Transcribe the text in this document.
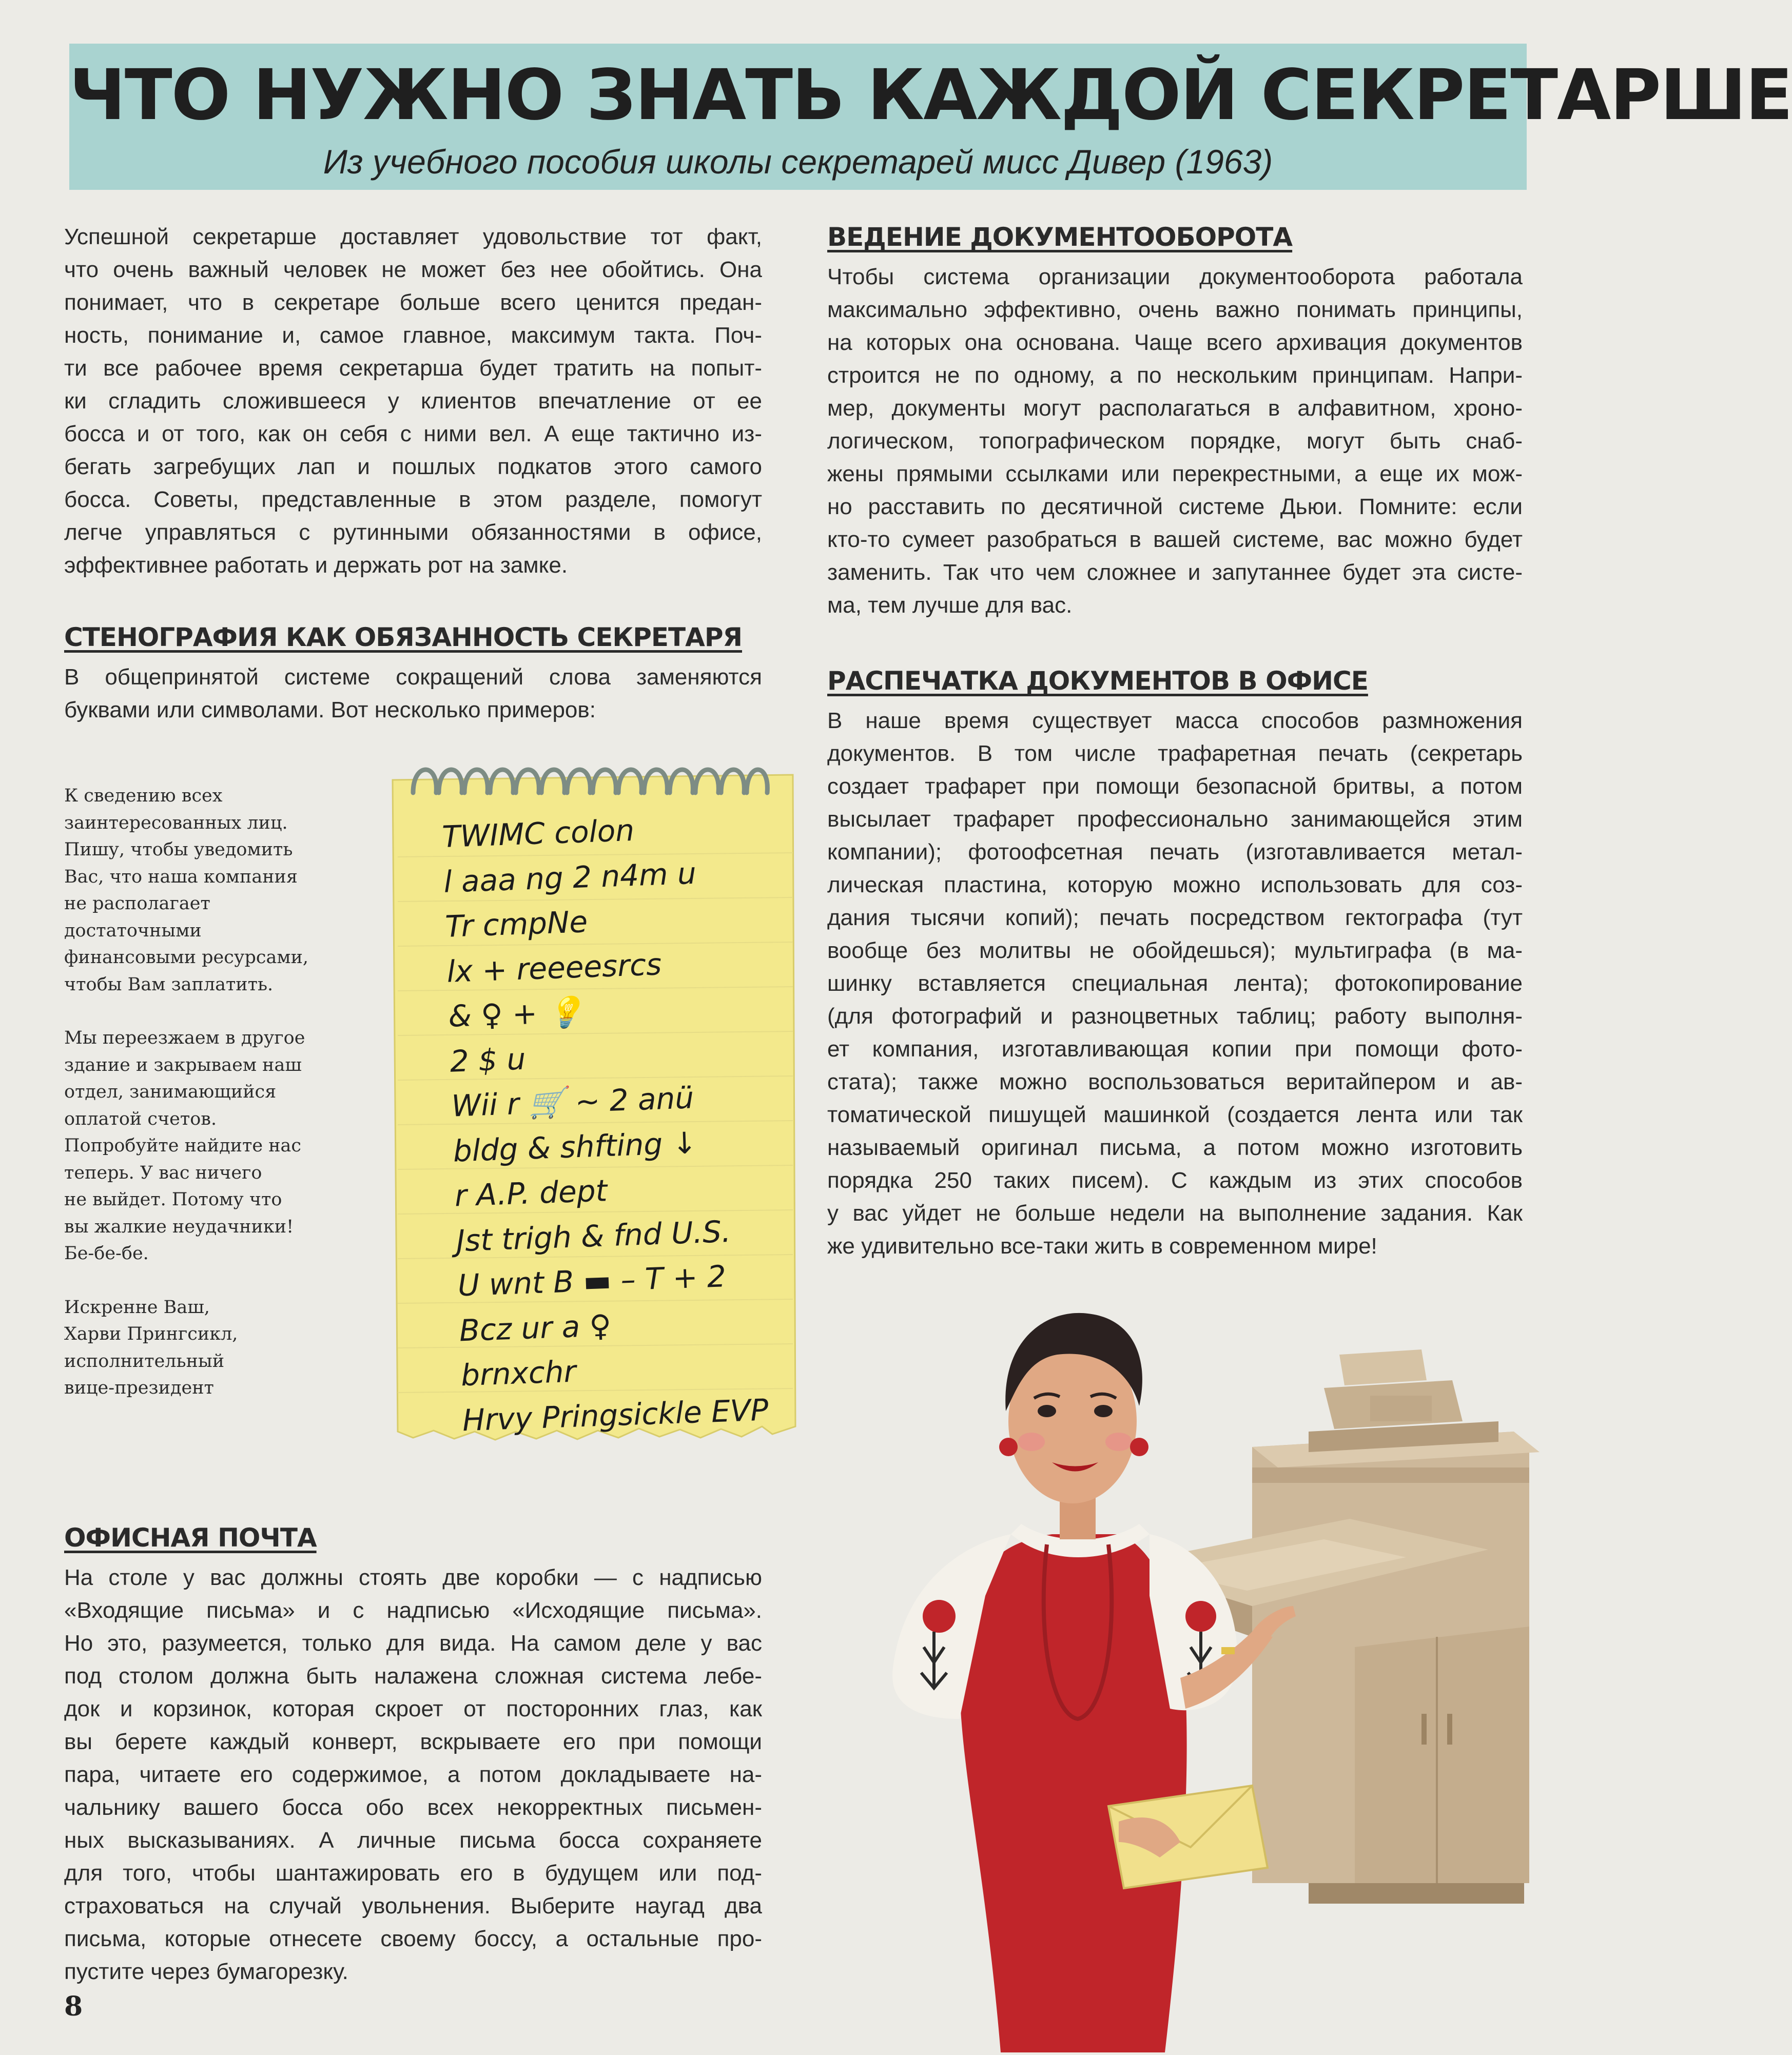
ЧТО НУЖНО ЗНАТЬ КАЖДОЙ СЕКРЕТАРШЕ
Из учебного пособия школы секретарей мисс Дивер (1963)
Успешной секретарше доставляет удовольствие тот факт,
что очень важный человек не может без нее обойтись. Она
понимает, что в секретаре больше всего ценится предан-
ность, понимание и, самое главное, максимум такта. Поч-
ти все рабочее время секретарша будет тратить на попыт-
ки сгладить сложившееся у клиентов впечатление от ее
босса и от того, как он себя с ними вел. А еще тактично из-
бегать загребущих лап и пошлых подкатов этого самого
босса. Советы, представленные в этом разделе, помогут
легче управляться с рутинными обязанностями в офисе,
эффективнее работать и держать рот на замке.
СТЕНОГРАФИЯ КАК ОБЯЗАННОСТЬ СЕКРЕТАРЯ
В общепринятой системе сокращений слова заменяются
буквами или символами. Вот несколько примеров:

К сведению всех
заинтересованных лиц.
Пишу, чтобы уведомить
Вас, что наша компания
не располагает
достаточными
финансовыми ресурсами,
чтобы Вам заплатить.

Мы переезжаем в другое
здание и закрываем наш
отдел, занимающийся
оплатой счетов.
Попробуйте найдите нас
теперь. У вас ничего
не выйдет. Потому что
вы жалкие неудачники!
Бе-бе-бе.

Искренне Ваш,
Харви Прингсикл,
исполнительный
вице-президент

TWIMC colon
l aaa ng 2 n4m u
Tr cmpNe
lx + reeeesrcs
& ♀ + 💡
2 $ u
Wii r 🛒 ~ 2 anü
bldg & shfting ↓
r A.P. dept
Jst trigh & fnd U.S.
U wnt B ▬ – T + 2
Bcz ur a ♀
brnxchr
Hrvy Pringsickle EVP
ОФИСНАЯ ПОЧТА
На столе у вас должны стоять две коробки — с надписью
«Входящие письма» и с надписью «Исходящие письма».
Но это, разумеется, только для вида. На самом деле у вас
под столом должна быть налажена сложная система лебе-
док и корзинок, которая скроет от посторонних глаз, как
вы берете каждый конверт, вскрываете его при помощи
пара, читаете его содержимое, а потом докладываете на-
чальнику вашего босса обо всех некорректных письмен-
ных высказываниях. А личные письма босса сохраняете
для того, чтобы шантажировать его в будущем или под-
страховаться на случай увольнения. Выберите наугад два
письма, которые отнесете своему боссу, а остальные про-
пустите через бумагорезку.
ВЕДЕНИЕ ДОКУМЕНТООБОРОТА
Чтобы система организации документооборота работала
максимально эффективно, очень важно понимать принципы,
на которых она основана. Чаще всего архивация документов
строится не по одному, а по нескольким принципам. Напри-
мер, документы могут располагаться в алфавитном, хроно-
логическом, топографическом порядке, могут быть снаб-
жены прямыми ссылками или перекрестными, а еще их мож-
но расставить по десятичной системе Дьюи. Помните: если
кто-то сумеет разобраться в вашей системе, вас можно будет
заменить. Так что чем сложнее и запутаннее будет эта систе-
ма, тем лучше для вас.
РАСПЕЧАТКА ДОКУМЕНТОВ В ОФИСЕ
В наше время существует масса способов размножения
документов. В том числе трафаретная печать (секретарь
создает трафарет при помощи безопасной бритвы, а потом
высылает трафарет профессионально занимающейся этим
компании); фотоофсетная печать (изготавливается метал-
лическая пластина, которую можно использовать для соз-
дания тысячи копий); печать посредством гектографа (тут
вообще без молитвы не обойдешься); мультиграфа (в ма-
шинку вставляется специальная лента); фотокопирование
(для фотографий и разноцветных таблиц; работу выполня-
ет компания, изготавливающая копии при помощи фото-
стата); также можно воспользоваться веритайпером и ав-
томатической пишущей машинкой (создается лента или так
называемый оригинал письма, а потом можно изготовить
порядка 250 таких писем). С каждым из этих способов
у вас уйдет не больше недели на выполнение задания. Как
же удивительно все-таки жить в современном мире!
8
